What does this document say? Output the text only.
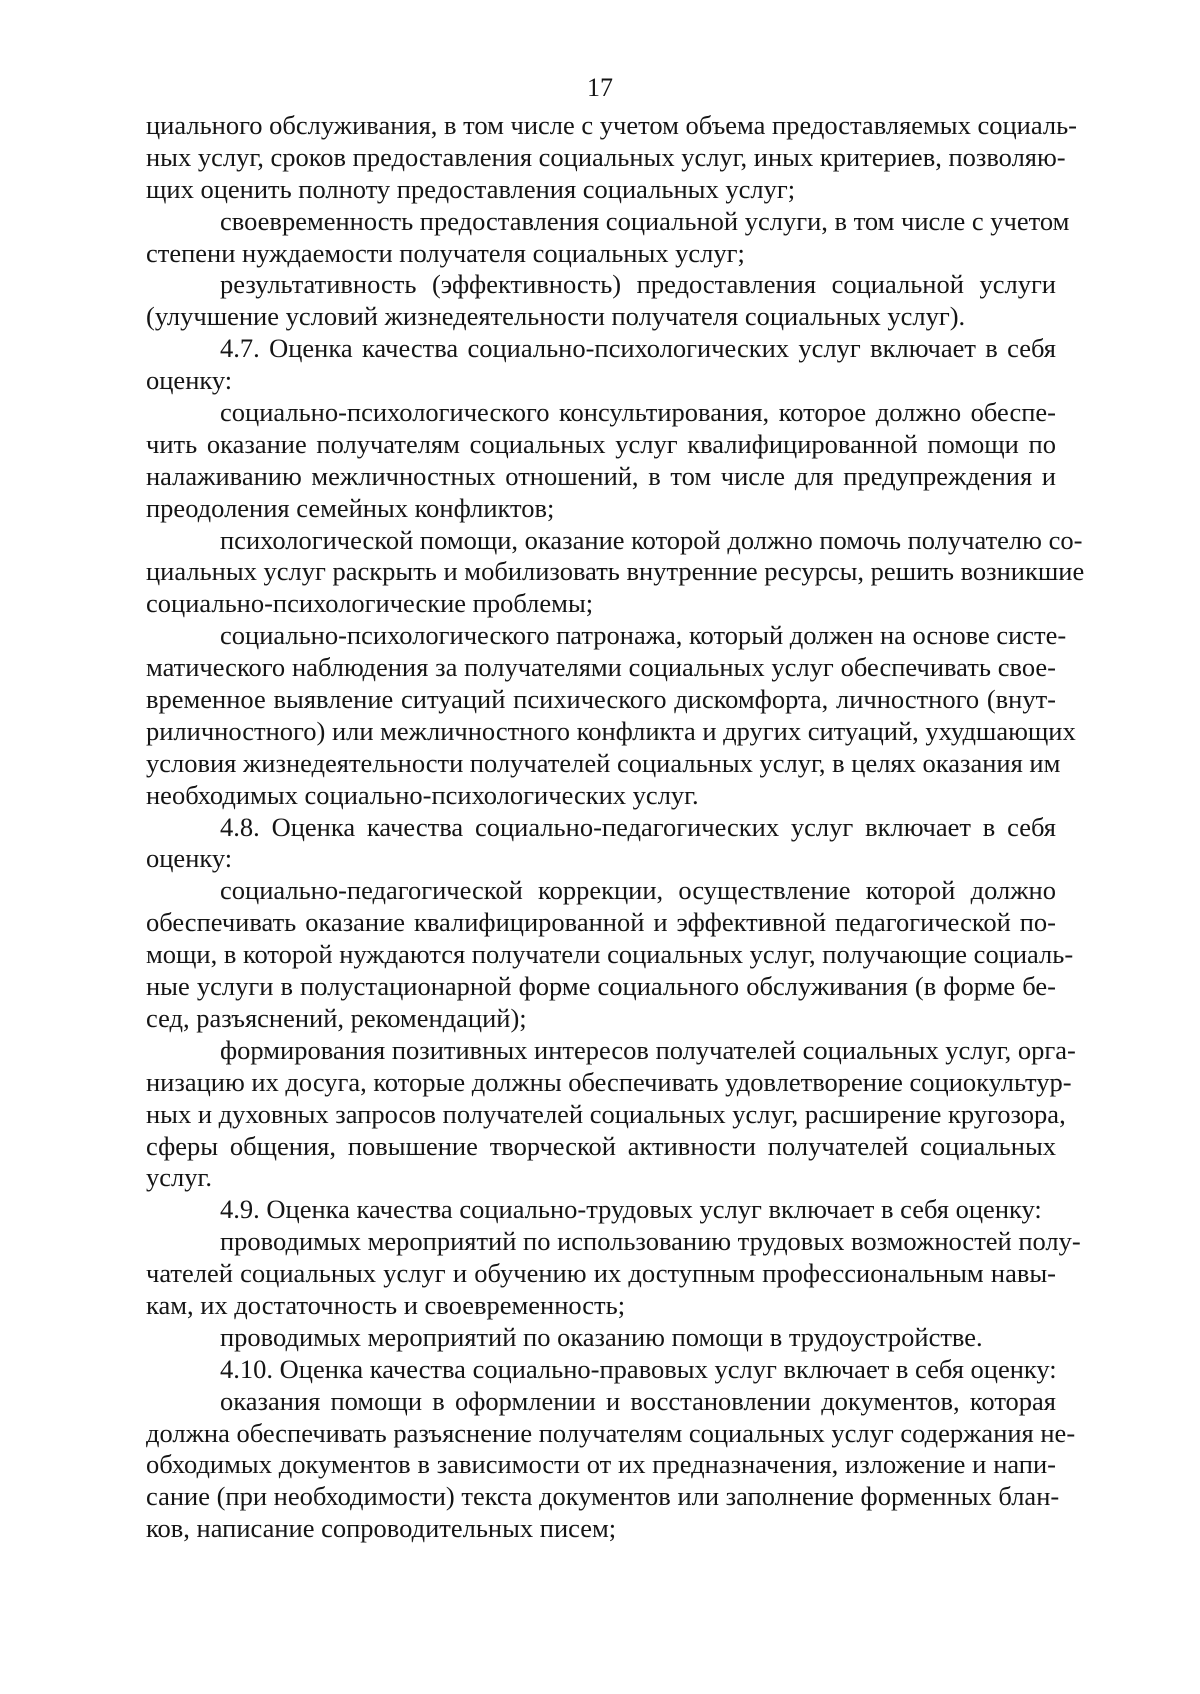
17
циального обслуживания, в том числе с учетом объема предоставляемых социаль-
ных услуг, сроков предоставления социальных услуг, иных критериев, позволяю-
щих оценить полноту предоставления социальных услуг;
своевременность предоставления социальной услуги, в том числе с учетом
степени нуждаемости получателя социальных услуг;
результативность (эффективность) предоставления социальной услуги
(улучшение условий жизнедеятельности получателя социальных услуг).
4.7. Оценка качества социально-психологических услуг включает в себя
оценку:
социально-психологического консультирования, которое должно обеспе-
чить оказание получателям социальных услуг квалифицированной помощи по
налаживанию межличностных отношений, в том числе для предупреждения и
преодоления семейных конфликтов;
психологической помощи, оказание которой должно помочь получателю со-
циальных услуг раскрыть и мобилизовать внутренние ресурсы, решить возникшие
социально-психологические проблемы;
социально-психологического патронажа, который должен на основе систе-
матического наблюдения за получателями социальных услуг обеспечивать свое-
временное выявление ситуаций психического дискомфорта, личностного (внут-
риличностного) или межличностного конфликта и других ситуаций, ухудшающих
условия жизнедеятельности получателей социальных услуг, в целях оказания им
необходимых социально-психологических услуг.
4.8. Оценка качества социально-педагогических услуг включает в себя
оценку:
социально-педагогической коррекции, осуществление которой должно
обеспечивать оказание квалифицированной и эффективной педагогической по-
мощи, в которой нуждаются получатели социальных услуг, получающие социаль-
ные услуги в полустационарной форме социального обслуживания (в форме бе-
сед, разъяснений, рекомендаций);
формирования позитивных интересов получателей социальных услуг, орга-
низацию их досуга, которые должны обеспечивать удовлетворение социокультур-
ных и духовных запросов получателей социальных услуг, расширение кругозора,
сферы общения, повышение творческой активности получателей социальных
услуг.
4.9. Оценка качества социально-трудовых услуг включает в себя оценку:
проводимых мероприятий по использованию трудовых возможностей полу-
чателей социальных услуг и обучению их доступным профессиональным навы-
кам, их достаточность и своевременность;
проводимых мероприятий по оказанию помощи в трудоустройстве.
4.10. Оценка качества социально-правовых услуг включает в себя оценку:
оказания помощи в оформлении и восстановлении документов, которая
должна обеспечивать разъяснение получателям социальных услуг содержания не-
обходимых документов в зависимости от их предназначения, изложение и напи-
сание (при необходимости) текста документов или заполнение форменных блан-
ков, написание сопроводительных писем;
